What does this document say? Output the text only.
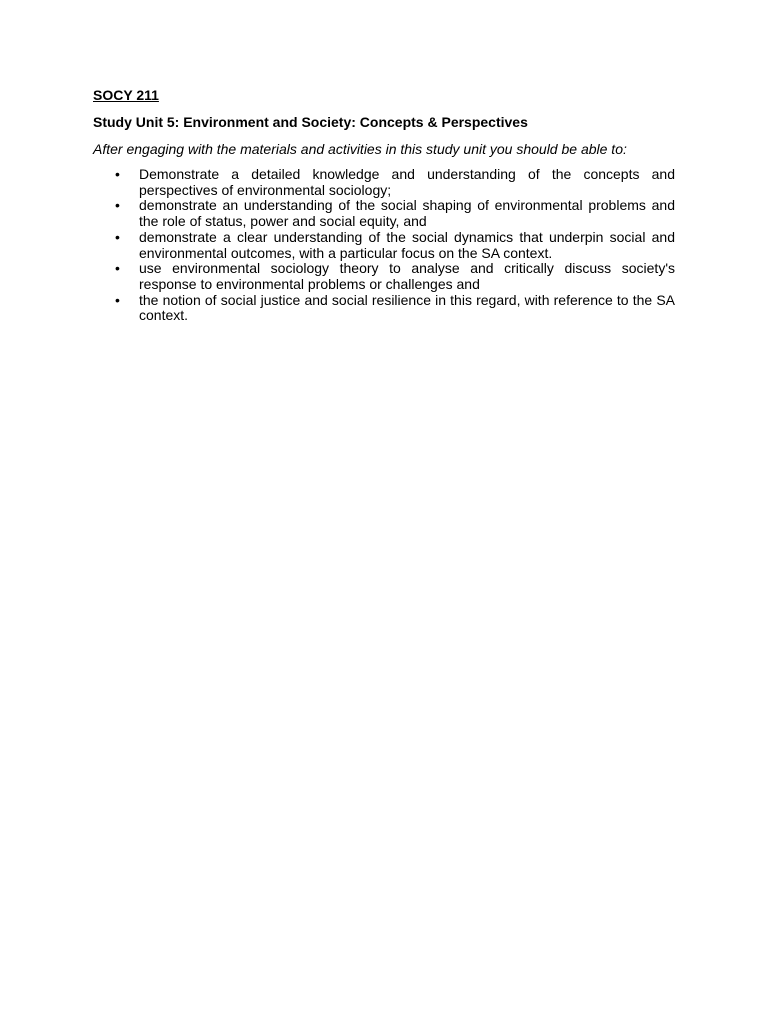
SOCY 211

Study Unit 5: Environment and Society: Concepts & Perspectives

After engaging with the materials and activities in this study unit you should be able to:

• Demonstrate a detailed knowledge and understanding of the concepts and perspectives of environmental sociology;
• demonstrate an understanding of the social shaping of environmental problems and the role of status, power and social equity, and
• demonstrate a clear understanding of the social dynamics that underpin social and environmental outcomes, with a particular focus on the SA context.
• use environmental sociology theory to analyse and critically discuss society's response to environmental problems or challenges and
• the notion of social justice and social resilience in this regard, with reference to the SA context.
